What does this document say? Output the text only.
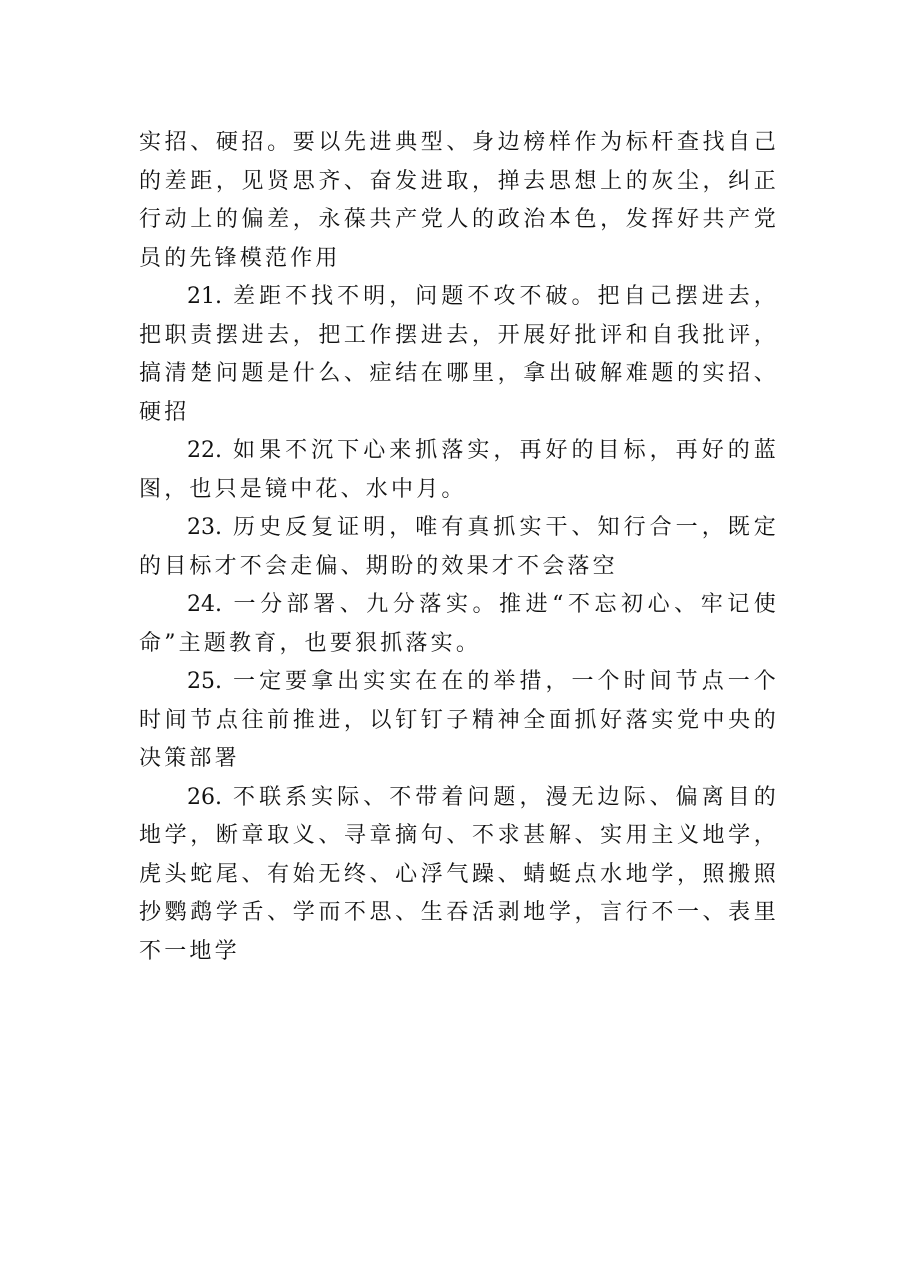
实招、硬招。要以先进典型、身边榜样作为标杆查找自己的差距，见贤思齐、奋发进取，掸去思想上的灰尘，纠正行动上的偏差，永葆共产党人的政治本色，发挥好共产党员的先锋模范作用

21. 差距不找不明，问题不攻不破。把自己摆进去，把职责摆进去，把工作摆进去，开展好批评和自我批评，搞清楚问题是什么、症结在哪里，拿出破解难题的实招、硬招

22. 如果不沉下心来抓落实，再好的目标，再好的蓝图，也只是镜中花、水中月。

23. 历史反复证明，唯有真抓实干、知行合一，既定的目标才不会走偏、期盼的效果才不会落空

24. 一分部署、九分落实。推进“不忘初心、牢记使命”主题教育，也要狠抓落实。

25. 一定要拿出实实在在的举措，一个时间节点一个时间节点往前推进，以钉钉子精神全面抓好落实党中央的决策部署

26. 不联系实际、不带着问题，漫无边际、偏离目的地学，断章取义、寻章摘句、不求甚解、实用主义地学，虎头蛇尾、有始无终、心浮气躁、蜻蜓点水地学，照搬照抄鹦鹉学舌、学而不思、生吞活剥地学，言行不一、表里不一地学
